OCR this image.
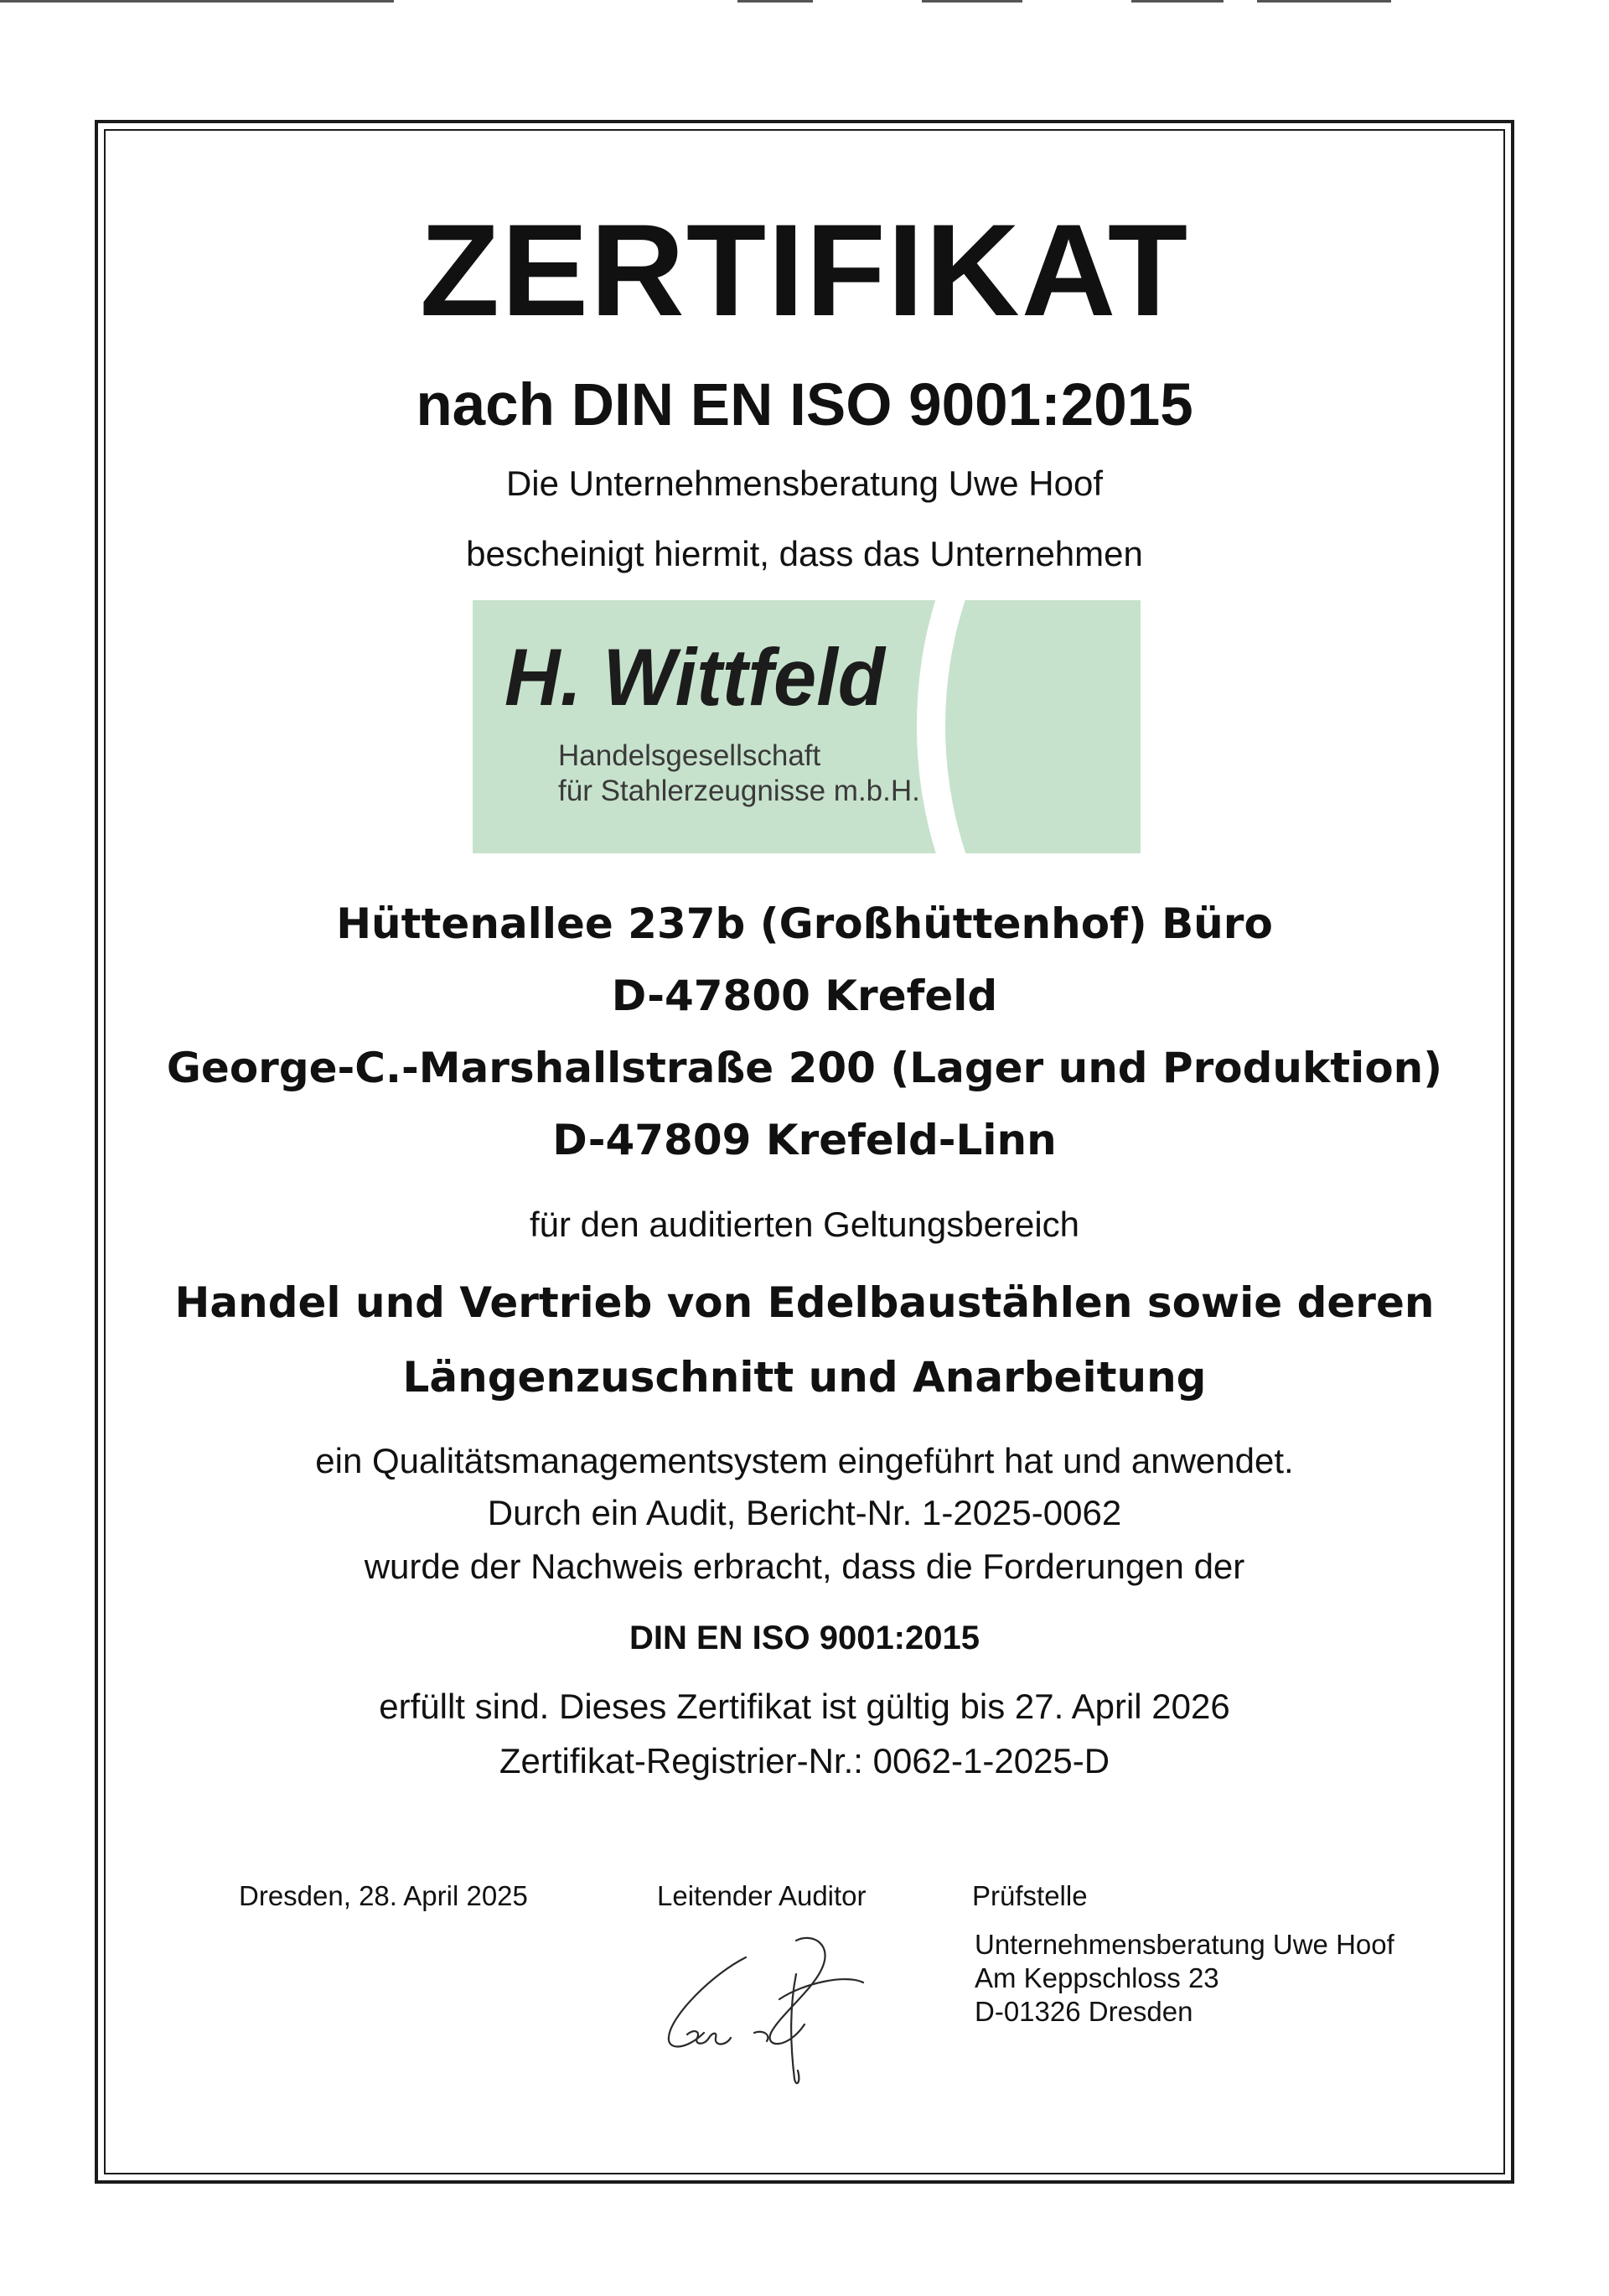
ZERTIFIKAT
nach DIN EN ISO 9001:2015
Die Unternehmensberatung Uwe Hoof
bescheinigt hiermit, dass das Unternehmen
H. Wittfeld
Handelsgesellschaft
für Stahlerzeugnisse m.b.H.
Hüttenallee 237b (Großhüttenhof) Büro
D-47800 Krefeld
George-C.-Marshallstraße 200 (Lager und Produktion)
D-47809 Krefeld-Linn
für den auditierten Geltungsbereich
Handel und Vertrieb von Edelbaustählen sowie deren
Längenzuschnitt und Anarbeitung
ein Qualitätsmanagementsystem eingeführt hat und anwendet.
Durch ein Audit, Bericht-Nr. 1-2025-0062
wurde der Nachweis erbracht, dass die Forderungen der
DIN EN ISO 9001:2015
erfüllt sind. Dieses Zertifikat ist gültig bis 27. April 2026
Zertifikat-Registrier-Nr.: 0062-1-2025-D
Dresden, 28. April 2025	Leitender Auditor	Prüfstelle
Unternehmensberatung Uwe Hoof
Am Keppschloss 23
D-01326 Dresden
